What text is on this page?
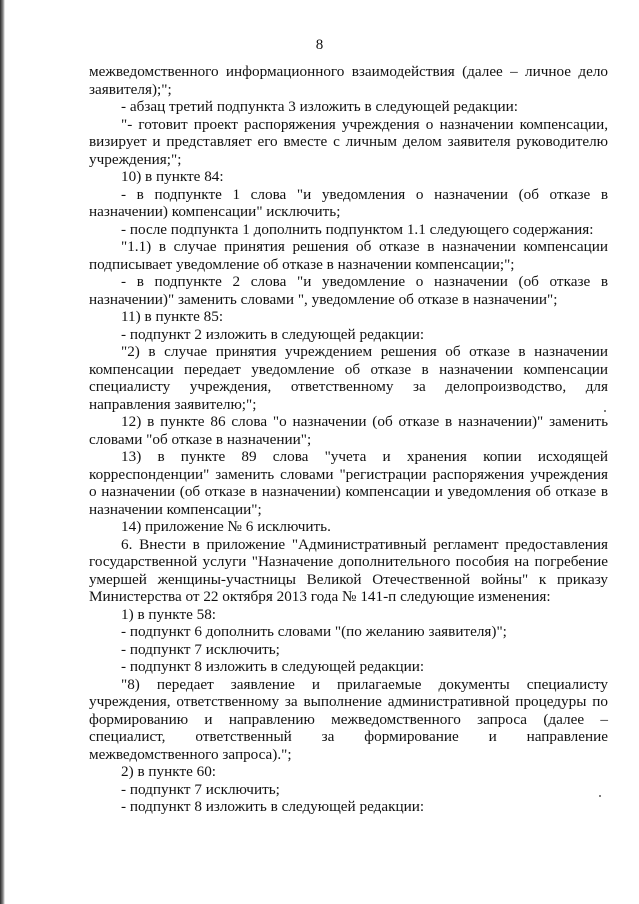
8

межведомственного информационного взаимодействия (далее – личное дело заявителя);";

- абзац третий подпункта 3 изложить в следующей редакции:

"- готовит проект распоряжения учреждения о назначении компенсации, визирует и представляет его вместе с личным делом заявителя руководителю учреждения;";

10) в пункте 84:

- в подпункте 1 слова "и уведомления о назначении (об отказе в назначении) компенсации" исключить;

- после подпункта 1 дополнить подпунктом 1.1 следующего содержания:

"1.1) в случае принятия решения об отказе в назначении компенсации подписывает уведомление об отказе в назначении компенсации;";

- в подпункте 2 слова "и уведомление о назначении (об отказе в назначении)" заменить словами ", уведомление об отказе в назначении";

11) в пункте 85:

- подпункт 2 изложить в следующей редакции:

"2) в случае принятия учреждением решения об отказе в назначении компенсации передает уведомление об отказе в назначении компенсации специалисту учреждения, ответственному за делопроизводство, для направления заявителю;";

12) в пункте 86 слова "о назначении (об отказе в назначении)" заменить словами "об отказе в назначении";

13) в пункте 89 слова "учета и хранения копии исходящей корреспонденции" заменить словами "регистрации распоряжения учреждения о назначении (об отказе в назначении) компенсации и уведомления об отказе в назначении компенсации";

14) приложение № 6 исключить.

6. Внести в приложение "Административный регламент предоставления государственной услуги "Назначение дополнительного пособия на погребение умершей женщины-участницы Великой Отечественной войны" к приказу Министерства от 22 октября 2013 года № 141-п следующие изменения:

1) в пункте 58:

- подпункт 6 дополнить словами "(по желанию заявителя)";

- подпункт 7 исключить;

- подпункт 8 изложить в следующей редакции:

"8) передает заявление и прилагаемые документы специалисту учреждения, ответственному за выполнение административной процедуры по формированию и направлению межведомственного запроса (далее – специалист, ответственный за формирование и направление межведомственного запроса).";

2) в пункте 60:

- подпункт 7 исключить;

- подпункт 8 изложить в следующей редакции:
